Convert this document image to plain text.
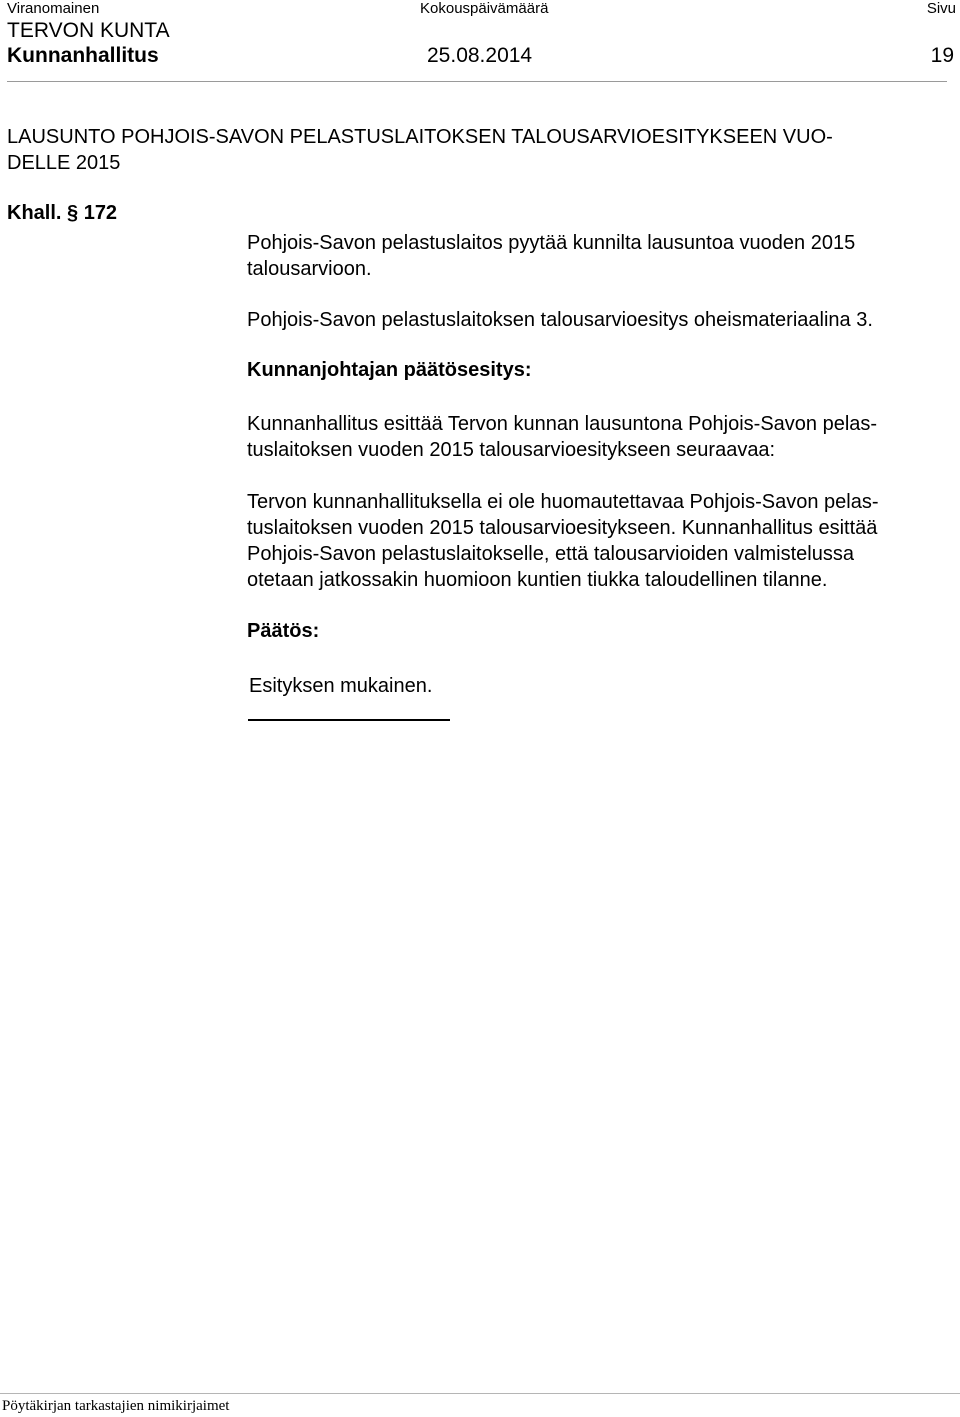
Viranomainen	Kokouspäivämäärä	Sivu
TERVON KUNTA
Kunnanhallitus	25.08.2014	19
LAUSUNTO POHJOIS-SAVON PELASTUSLAITOKSEN TALOUSARVIOESITYKSEEN VUO-
DELLE 2015
Khall. § 172
Pohjois-Savon pelastuslaitos pyytää kunnilta lausuntoa vuoden 2015
talousarvioon.
Pohjois-Savon pelastuslaitoksen talousarvioesitys oheismateriaalina 3.
Kunnanjohtajan päätösesitys:
Kunnanhallitus esittää Tervon kunnan lausuntona Pohjois-Savon pelas-
tuslaitoksen vuoden 2015 talousarvioesitykseen seuraavaa:
Tervon kunnanhallituksella ei ole huomautettavaa Pohjois-Savon pelas-
tuslaitoksen vuoden 2015 talousarvioesitykseen. Kunnanhallitus esittää
Pohjois-Savon pelastuslaitokselle, että talousarvioiden valmistelussa
otetaan jatkossakin huomioon kuntien tiukka taloudellinen tilanne.
Päätös:
Esityksen mukainen.
Pöytäkirjan tarkastajien nimikirjaimet
